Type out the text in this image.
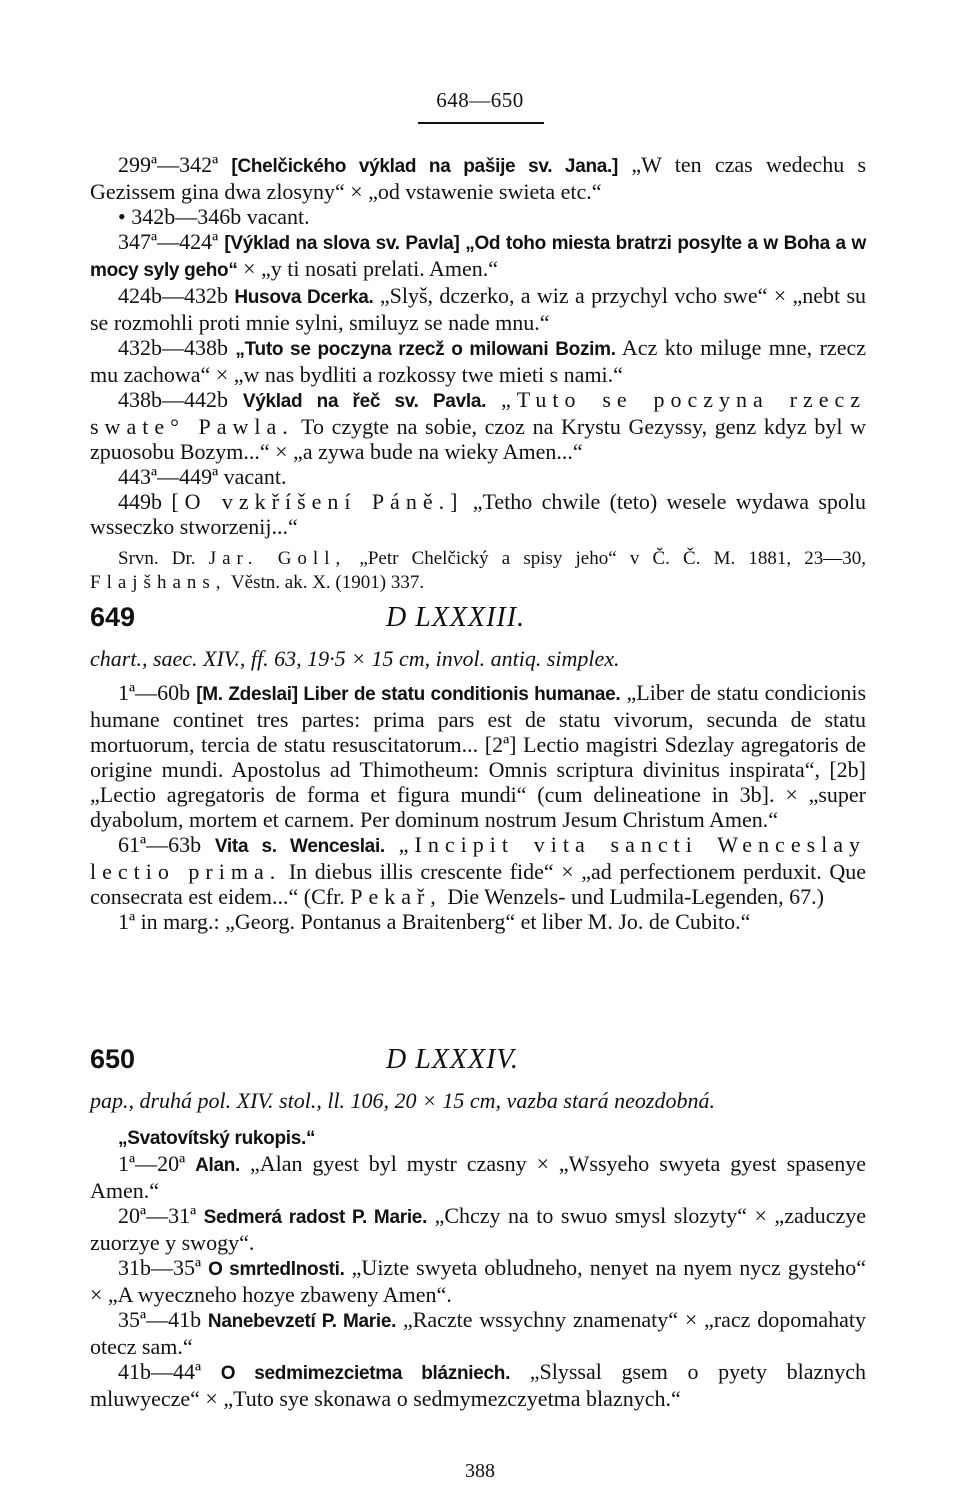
648—650

299ª—342ª [Chelčického výklad na pašije sv. Jana.] „W ten czas wedechu s Gezissem gina dwa zlosyny“ × „od vstawenie swieta etc.“

• 342b—346b vacant.

347ª—424ª [Výklad na slova sv. Pavla] „Od toho miesta bratrzi posylte a w Boha a w mocy syly geho“ × „y ti nosati prelati. Amen.“

424b—432b Husova Dcerka. „Slyš, dczerko, a wiz a przychyl vcho swe“ × „nebt su se rozmohli proti mnie sylni, smiluyz se nade mnu.“

432b—438b „Tuto se poczyna rzecž o milowani Bozim. Acz kto miluge mne, rzecz mu zachowa“ × „w nas bydliti a rozkossy twe mieti s nami.“

438b—442b Výklad na řeč sv. Pavla. „Tuto se poczyna rzecz swate° Pawla. To czygte na sobie, czoz na Krystu Gezyssy, genz kdyz byl w zpuosobu Bozym...“ × „a zywa bude na wieky Amen...“

443ª—449ª vacant.

449b [O vzkříšení Páně.] „Tetho chwile (teto) wesele wydawa spolu wsseczko stworzenij...“

Srvn. Dr. Jar. Goll, „Petr Chelčický a spisy jeho“ v Č. Č. M. 1881, 23—30, Flajšhans, Věstn. ak. X. (1901) 337.

649	D LXXXIII.
chart., saec. XIV., ff. 63, 19·5 × 15 cm, invol. antiq. simplex.

1ª—60b [M. Zdeslai] Liber de statu conditionis humanae. „Liber de statu condicionis humane continet tres partes: prima pars est de statu vivorum, secunda de statu mortuorum, tercia de statu resuscitatorum... [2ª] Lectio magistri Sdezlay agregatoris de origine mundi. Apostolus ad Thimotheum: Omnis scriptura divinitus inspirata“, [2b] „Lectio agregatoris de forma et figura mundi“ (cum delineatione in 3b]. × „super dyabolum, mortem et carnem. Per dominum nostrum Jesum Christum Amen.“

61ª—63b Vita s. Wenceslai. „Incipit vita sancti Wenceslay lectio prima. In diebus illis crescente fide“ × „ad perfectionem perduxit. Que consecrata est eidem...“ (Cfr. Pekař, Die Wenzels- und Ludmila-Legenden, 67.)

1ª in marg.: „Georg. Pontanus a Braitenberg“ et liber M. Jo. de Cubito.“

650	D LXXXIV.
pap., druhá pol. XIV. stol., ll. 106, 20 × 15 cm, vazba stará neozdobná.

„Svatovítský rukopis.“

1ª—20ª Alan. „Alan gyest byl mystr czasny × „Wssyeho swyeta gyest spasenye Amen.“

20ª—31ª Sedmerá radost P. Marie. „Chczy na to swuo smysl slozyty“ × „zaduczye zuorzye y swogy“.

31b—35ª O smrtedlnosti. „Uizte swyeta obludneho, nenyet na nyem nycz gysteho“ × „A wyeczneho hozye zbaweny Amen“.

35ª—41b Nanebevzetí P. Marie. „Raczte wssychny znamenaty“ × „racz dopomahaty otecz sam.“

41b—44ª O sedmimezcietma blázniech. „Slyssal gsem o pyety blaznych mluwyecze“ × „Tuto sye skonawa o sedmymezczyetma blaznych.“

388
